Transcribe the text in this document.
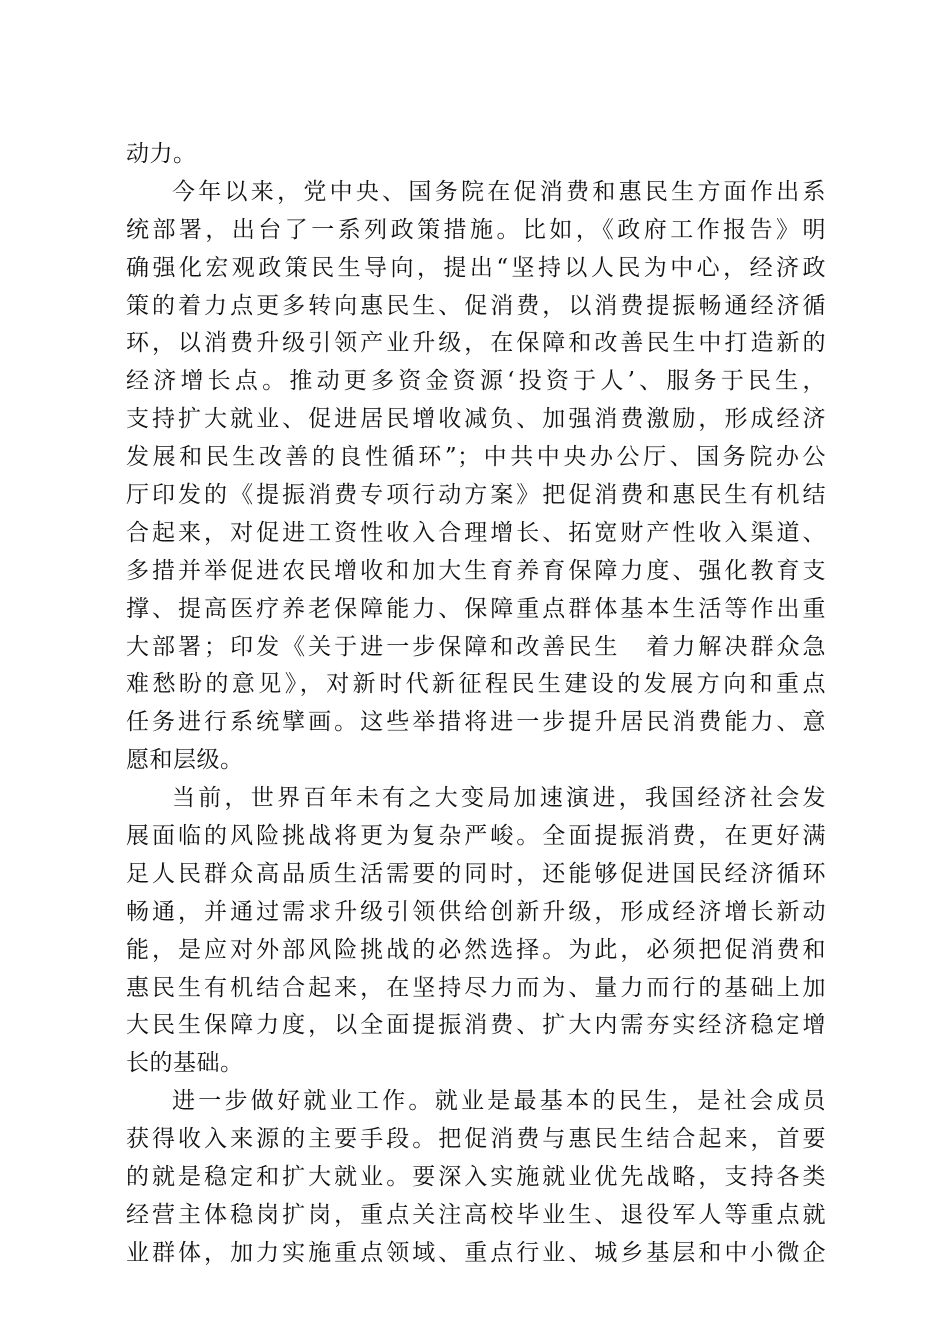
动力。
今年以来，党中央、国务院在促消费和惠民生方面作出系
统部署，出台了一系列政策措施。比如，《政府工作报告》明
确强化宏观政策民生导向，提出“坚持以人民为中心，经济政
策的着力点更多转向惠民生、促消费，以消费提振畅通经济循
环，以消费升级引领产业升级，在保障和改善民生中打造新的
经济增长点。推动更多资金资源‘投资于人’、服务于民生，
支持扩大就业、促进居民增收减负、加强消费激励，形成经济
发展和民生改善的良性循环”；中共中央办公厅、国务院办公
厅印发的《提振消费专项行动方案》把促消费和惠民生有机结
合起来，对促进工资性收入合理增长、拓宽财产性收入渠道、
多措并举促进农民增收和加大生育养育保障力度、强化教育支
撑、提高医疗养老保障能力、保障重点群体基本生活等作出重
大部署；印发《关于进一步保障和改善民生　着力解决群众急
难愁盼的意见》，对新时代新征程民生建设的发展方向和重点
任务进行系统擘画。这些举措将进一步提升居民消费能力、意
愿和层级。
当前，世界百年未有之大变局加速演进，我国经济社会发
展面临的风险挑战将更为复杂严峻。全面提振消费，在更好满
足人民群众高品质生活需要的同时，还能够促进国民经济循环
畅通，并通过需求升级引领供给创新升级，形成经济增长新动
能，是应对外部风险挑战的必然选择。为此，必须把促消费和
惠民生有机结合起来，在坚持尽力而为、量力而行的基础上加
大民生保障力度，以全面提振消费、扩大内需夯实经济稳定增
长的基础。
进一步做好就业工作。就业是最基本的民生，是社会成员
获得收入来源的主要手段。把促消费与惠民生结合起来，首要
的就是稳定和扩大就业。要深入实施就业优先战略，支持各类
经营主体稳岗扩岗，重点关注高校毕业生、退役军人等重点就
业群体，加力实施重点领域、重点行业、城乡基层和中小微企
